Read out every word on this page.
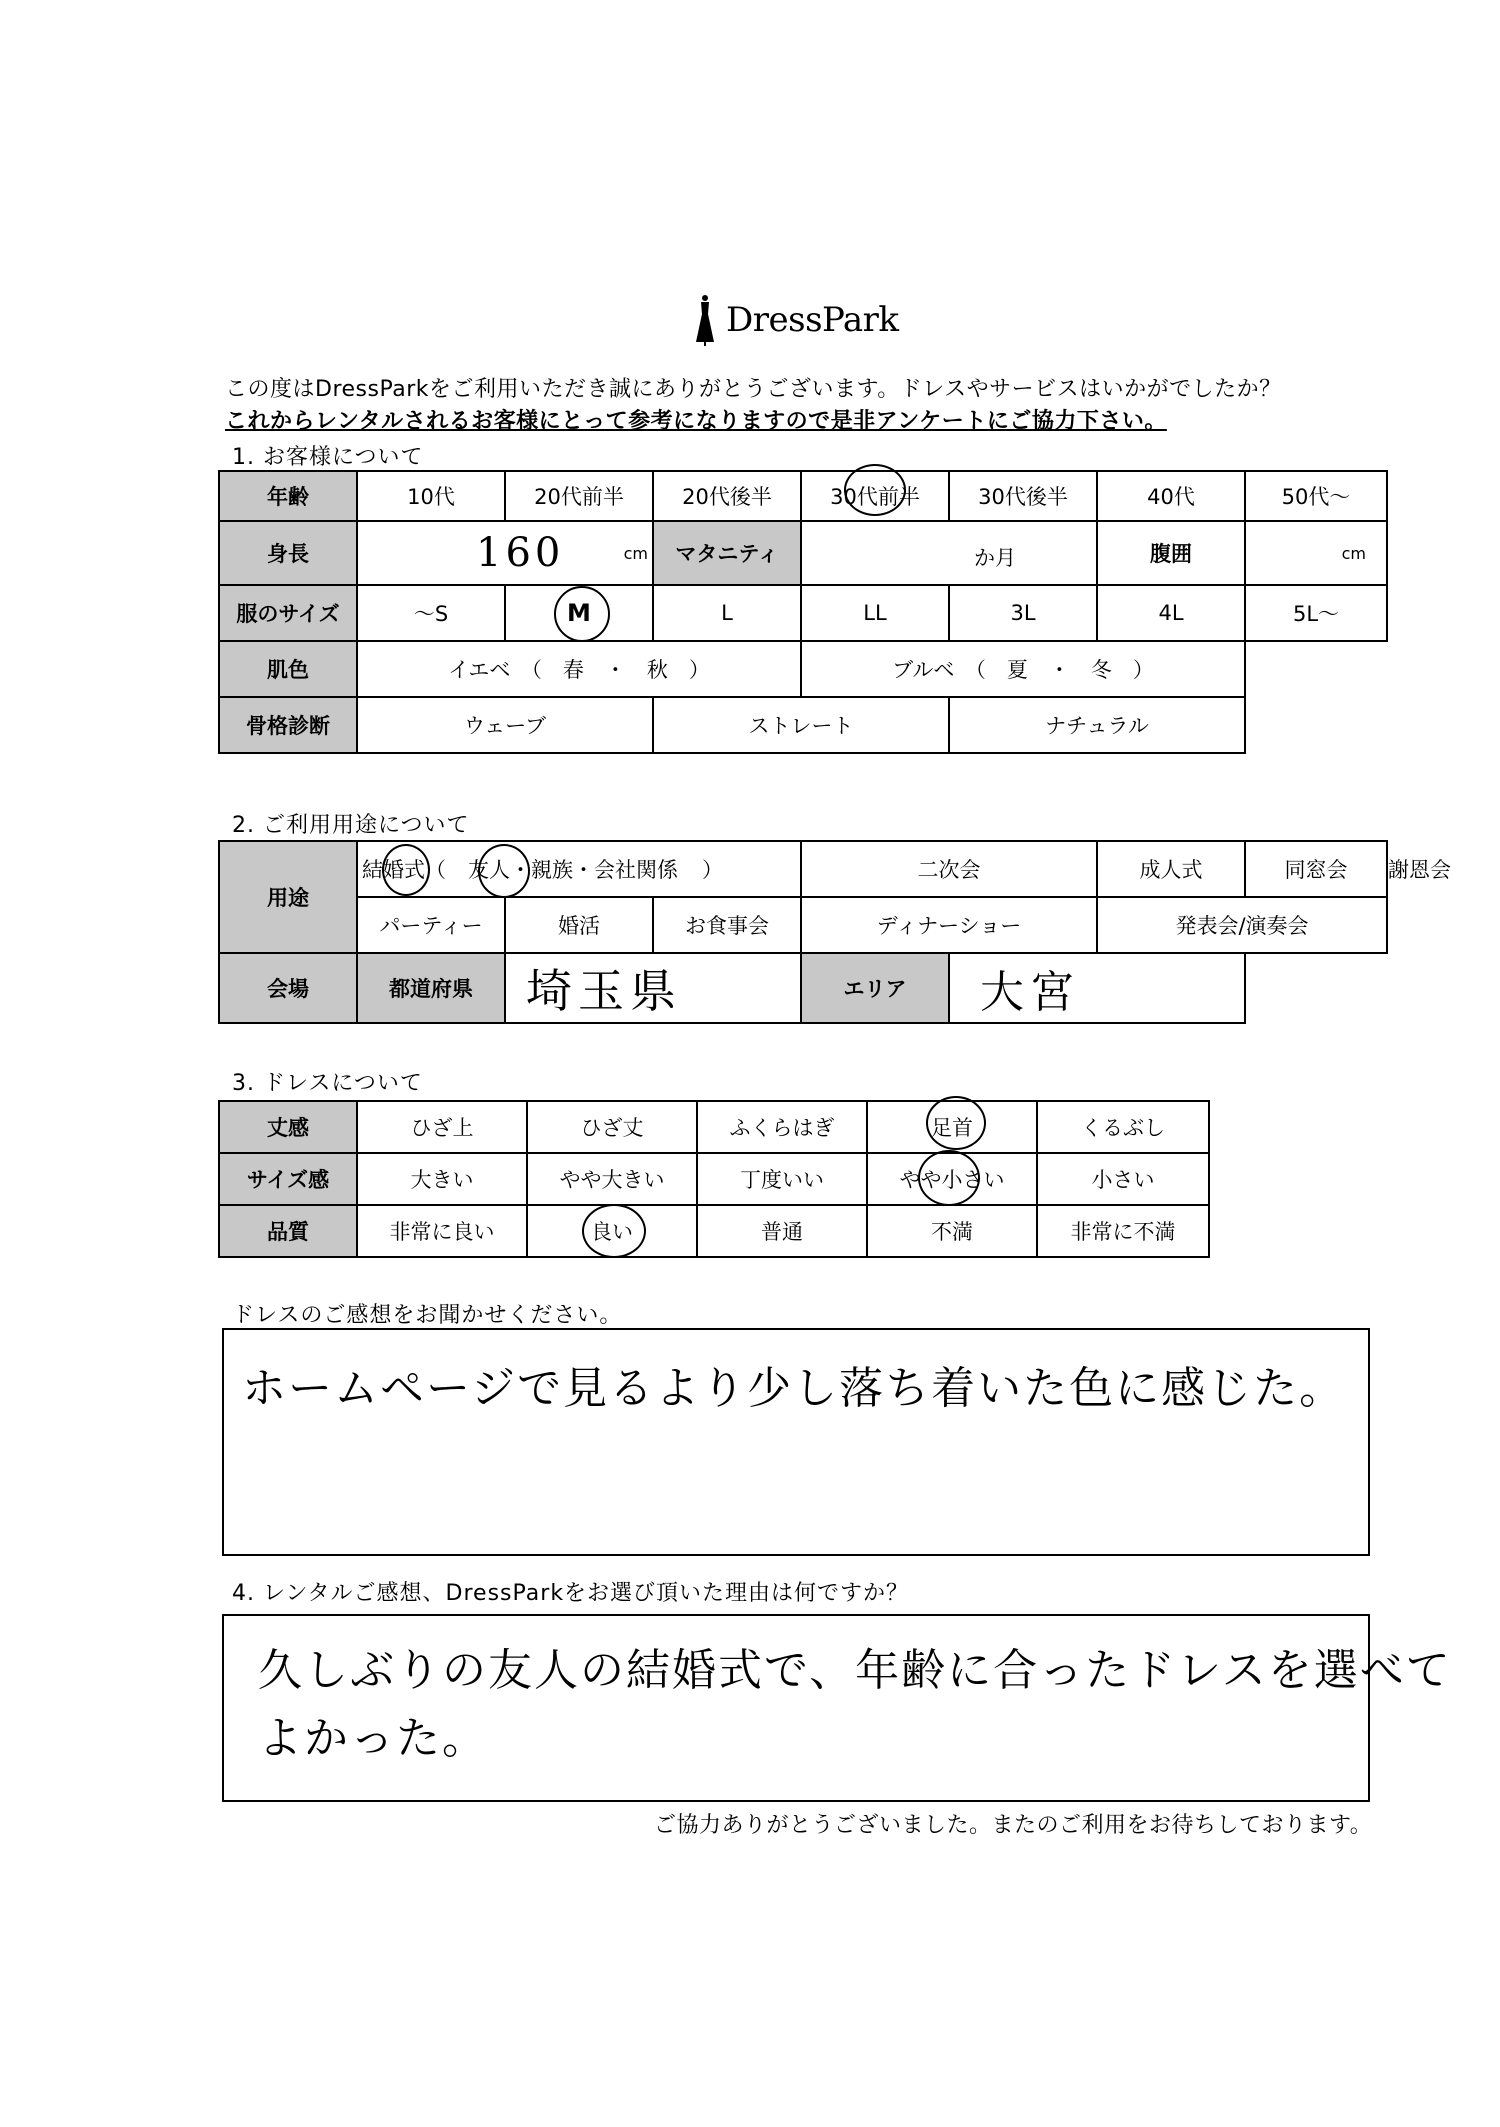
DressPark
この度はDressParkをご利用いただき誠にありがとうございます。ドレスやサービスはいかがでしたか？
これからレンタルされるお客様にとって参考になりますので是非アンケートにご協力下さい。
1. お客様について
年齢	10代	20代前半	20代後半	30代前半	30代後半	40代	50代～
身長	160 cm		マタニティ	か月		腹囲	cm

服のサイズ	～S	M	L	LL	3L	4L	5L～
肌色	イエベ　（　春　・　秋　）			ブルベ　（　夏　・　冬　）			
骨格診断	ウェーブ		ストレート		ナチュラル		
2. ご利用用途について
用途	結婚式（ 友人・親族・会社関係 ）			二次会		成人式	同窓会	謝恩会
	パーティー	婚活	お食事会	ディナーショー		発表会/演奏会		
会場	都道府県	埼玉県		エリア	大宮			
3. ドレスについて
丈感	ひざ上	ひざ丈	ふくらはぎ	足首	くるぶし
サイズ感	大きい	やや大きい	丁度いい	やや小さい	小さい
品質	非常に良い	良い	普通	不満	非常に不満
ドレスのご感想をお聞かせください。
ホームページで見るより少し落ち着いた色に感じた。
4. レンタルご感想、DressParkをお選び頂いた理由は何ですか？
久しぶりの友人の結婚式で、年齢に合ったドレスを選べて
よかった。
ご協力ありがとうございました。またのご利用をお待ちしております。
